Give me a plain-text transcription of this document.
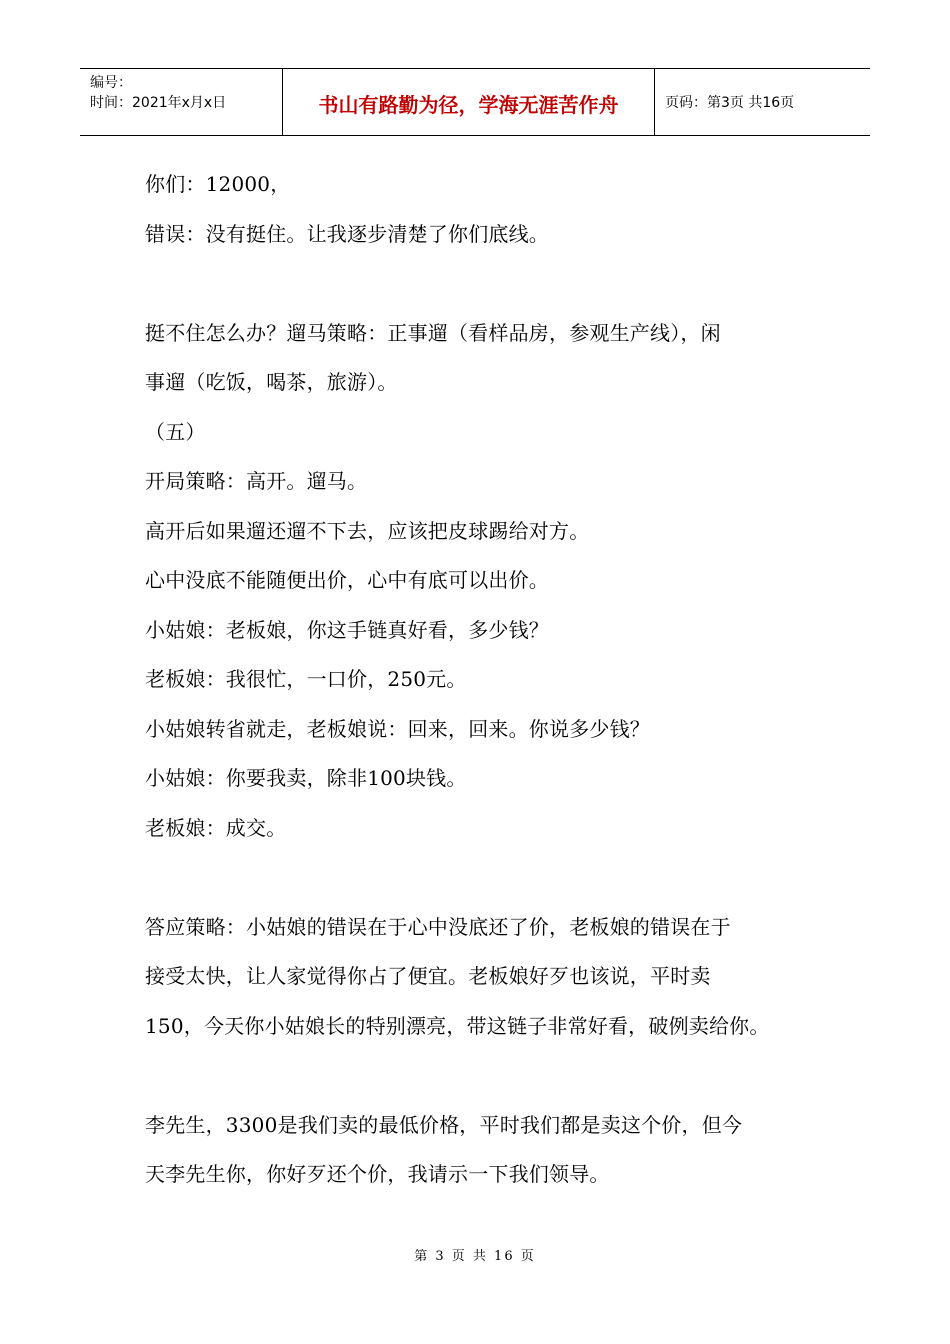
编号：
时间：2021年x月x日	书山有路勤为径，学海无涯苦作舟	页码：第3页 共16页
你们：12000，
错误：没有挺住。让我逐步清楚了你们底线。
挺不住怎么办？遛马策略：正事遛（看样品房，参观生产线），闲
事遛（吃饭，喝茶，旅游）。
（五）
开局策略：高开。遛马。
高开后如果遛还遛不下去，应该把皮球踢给对方。
心中没底不能随便出价，心中有底可以出价。
小姑娘：老板娘，你这手链真好看，多少钱？
老板娘：我很忙，一口价，250元。
小姑娘转省就走，老板娘说：回来，回来。你说多少钱？
小姑娘：你要我卖，除非100块钱。
老板娘：成交。
答应策略：小姑娘的错误在于心中没底还了价，老板娘的错误在于
接受太快，让人家觉得你占了便宜。老板娘好歹也该说，平时卖
150，今天你小姑娘长的特别漂亮，带这链子非常好看，破例卖给你。
李先生，3300是我们卖的最低价格，平时我们都是卖这个价，但今
天李先生你，你好歹还个价，我请示一下我们领导。
第 3 页 共 16 页
